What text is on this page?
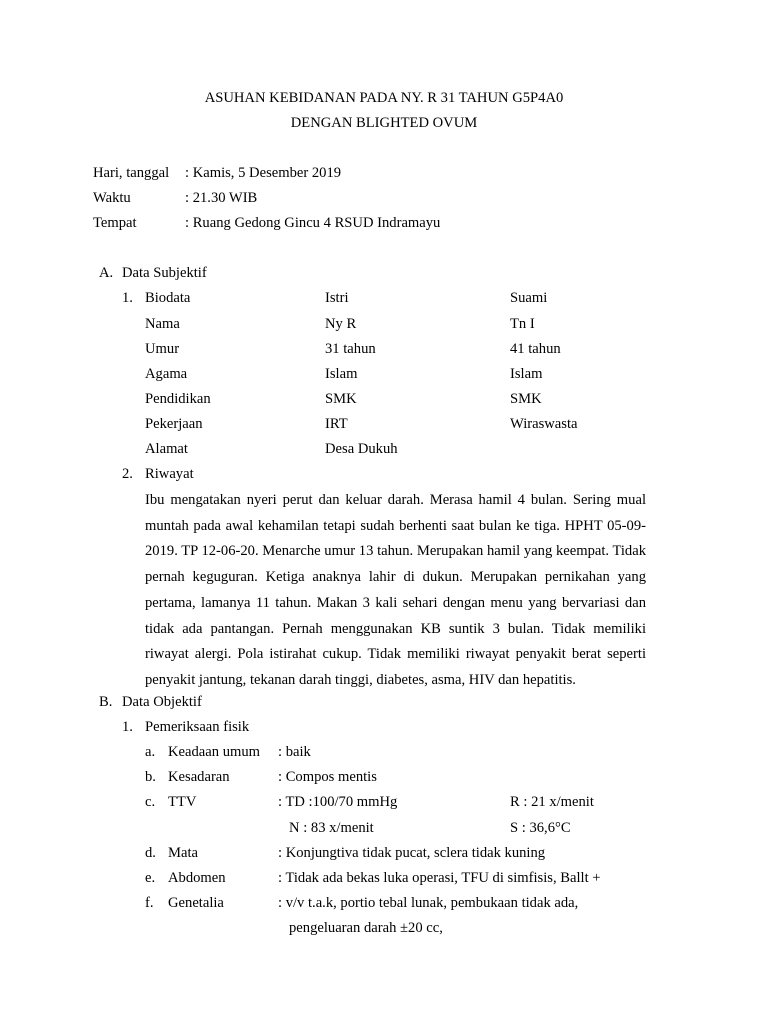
ASUHAN KEBIDANAN PADA NY. R 31 TAHUN G5P4A0
DENGAN BLIGHTED OVUM
Hari, tanggal : Kamis, 5 Desember 2019
Waktu	: 21.30 WIB
Tempat	: Ruang Gedong Gincu 4 RSUD Indramayu
A. Data Subjektif
1. Biodata	Istri	Suami
Nama	Ny R	Tn I
Umur	31 tahun	41 tahun
Agama	Islam	Islam
Pendidikan	SMK	SMK
Pekerjaan	IRT	Wiraswasta
Alamat	Desa Dukuh
2. Riwayat

Ibu mengatakan nyeri perut dan keluar darah. Merasa hamil 4 bulan. Sering mual muntah pada awal kehamilan tetapi sudah berhenti saat bulan ke tiga. HPHT 05-09-2019. TP 12-06-20. Menarche umur 13 tahun. Merupakan hamil yang keempat. Tidak pernah keguguran. Ketiga anaknya lahir di dukun. Merupakan pernikahan yang pertama, lamanya 11 tahun. Makan 3 kali sehari dengan menu yang bervariasi dan tidak ada pantangan. Pernah menggunakan KB suntik 3 bulan. Tidak memiliki riwayat alergi. Pola istirahat cukup. Tidak memiliki riwayat penyakit berat seperti penyakit jantung, tekanan darah tinggi, diabetes, asma, HIV dan hepatitis.

B. Data Objektif
1. Pemeriksaan fisik
a. Keadaan umum : baik
b. Kesadaran	: Compos mentis
c. TTV	: TD :100/70 mmHg	R : 21 x/menit
N : 83 x/menit	S : 36,6°C
d. Mata	: Konjungtiva tidak pucat, sclera tidak kuning
e. Abdomen	: Tidak ada bekas luka operasi, TFU di simfisis, Ballt +
f. Genetalia	: v/v t.a.k, portio tebal lunak, pembukaan tidak ada,
pengeluaran darah ±20 cc,
